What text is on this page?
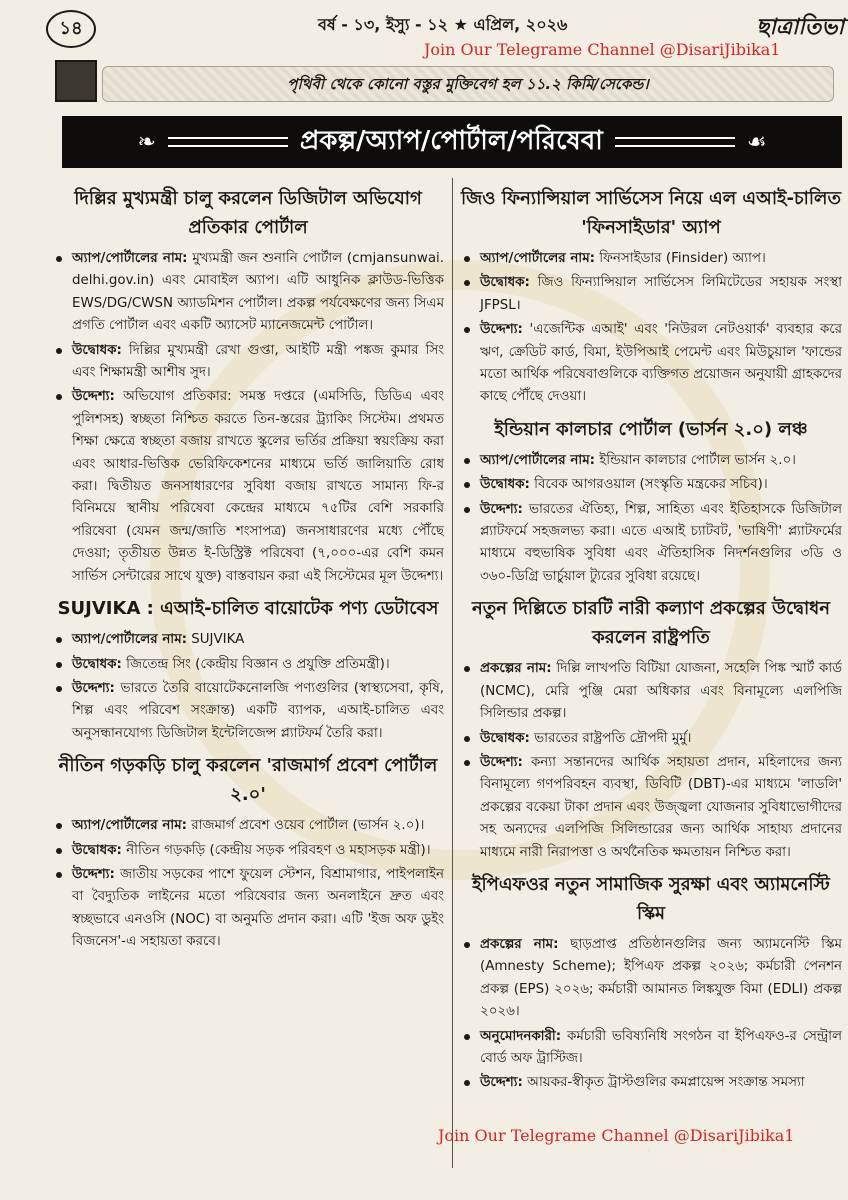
১৪	বর্ষ - ১৩, ইস্যু - ১২ ★ এপ্রিল, ২০২৬	ছাত্রাতিভা
Join Our Telegrame Channel @DisariJibika1
পৃথিবী থেকে কোনো বস্তুর মুক্তিবেগ হল ১১.২ কিমি/সেকেন্ড।
❧	প্রকল্প/অ্যাপ/পোর্টাল/পরিষেবা	☙
দিল্লির মুখ্যমন্ত্রী চালু করলেন ডিজিটাল অভিযোগ প্রতিকার পোর্টাল
অ্যাপ/পোর্টালের নাম: মুখ্যমন্ত্রী জন শুনানি পোর্টাল (cmjansunwai. delhi.gov.in) এবং মোবাইল অ্যাপ। এটি আধুনিক ক্লাউড-ভিত্তিক EWS/DG/CWSN অ্যাডমিশন পোর্টাল। প্রকল্প পর্যবেক্ষণের জন্য সিএম প্রগতি পোর্টাল এবং একটি অ্যাসেট ম্যানেজমেন্ট পোর্টাল।
উদ্বোধক: দিল্লির মুখ্যমন্ত্রী রেখা গুপ্তা, আইটি মন্ত্রী পঙ্কজ কুমার সিং এবং শিক্ষামন্ত্রী আশীষ সুদ।
উদ্দেশ্য: অভিযোগ প্রতিকার: সমস্ত দপ্তরে (এমসিডি, ডিডিএ এবং পুলিশসহ) স্বচ্ছতা নিশ্চিত করতে তিন-স্তরের ট্র্যাকিং সিস্টেম। প্রথমত শিক্ষা ক্ষেত্রে স্বচ্ছতা বজায় রাখতে স্কুলের ভর্তির প্রক্রিয়া স্বয়ংক্রিয় করা এবং আধার-ভিত্তিক ভেরিফিকেশনের মাধ্যমে ভর্তি জালিয়াতি রোধ করা। দ্বিতীয়ত জনসাধারণের সুবিধা বজায় রাখতে সামান্য ফি-র বিনিময়ে স্থানীয় পরিষেবা কেন্দ্রের মাধ্যমে ৭৫টির বেশি সরকারি পরিষেবা (যেমন জন্ম/জাতি শংসাপত্র) জনসাধারণের মধ্যে পৌঁছে দেওয়া; তৃতীয়ত উন্নত ই-ডিস্ট্রিক্ট পরিষেবা (৭,০০০-এর বেশি কমন সার্ভিস সেন্টারের সাথে যুক্ত) বাস্তবায়ন করা এই সিস্টেমের মূল উদ্দেশ্য।
SUJVIKA : এআই-চালিত বায়োটেক পণ্য ডেটাবেস
অ্যাপ/পোর্টালের নাম: SUJVIKA
উদ্বোধক: জিতেন্দ্র সিং (কেন্দ্রীয় বিজ্ঞান ও প্রযুক্তি প্রতিমন্ত্রী)।
উদ্দেশ্য: ভারতে তৈরি বায়োটেকনোলজি পণ্যগুলির (স্বাস্থ্যসেবা, কৃষি, শিল্প এবং পরিবেশ সংক্রান্ত) একটি ব্যাপক, এআই-চালিত এবং অনুসন্ধানযোগ্য ডিজিটাল ইন্টেলিজেন্স প্ল্যাটফর্ম তৈরি করা।
নীতিন গড়কড়ি চালু করলেন 'রাজমার্গ প্রবেশ পোর্টাল ২.০'
অ্যাপ/পোর্টালের নাম: রাজমার্গ প্রবেশ ওয়েব পোর্টাল (ভার্সন ২.০)।
উদ্বোধক: নীতিন গড়কড়ি (কেন্দ্রীয় সড়ক পরিবহণ ও মহাসড়ক মন্ত্রী)।
উদ্দেশ্য: জাতীয় সড়কের পাশে ফুয়েল স্টেশন, বিশ্রামাগার, পাইপলাইন বা বৈদ্যুতিক লাইনের মতো পরিষেবার জন্য অনলাইনে দ্রুত এবং স্বচ্ছভাবে এনওসি (NOC) বা অনুমতি প্রদান করা। এটি 'ইজ অফ ডুইং বিজনেস'-এ সহায়তা করবে।
জিও ফিন্যান্সিয়াল সার্ভিসেস নিয়ে এল এআই-চালিত 'ফিনসাইডার' অ্যাপ
অ্যাপ/পোর্টালের নাম: ফিনসাইডার (Finsider) অ্যাপ।
উদ্বোধক: জিও ফিন্যান্সিয়াল সার্ভিসেস লিমিটেডের সহায়ক সংস্থা JFPSL।
উদ্দেশ্য: 'এজেন্টিক এআই' এবং 'নিউরল নেটওয়ার্ক' ব্যবহার করে ঋণ, ক্রেডিট কার্ড, বিমা, ইউপিআই পেমেন্ট এবং মিউচুয়াল 'ফান্ডের মতো আর্থিক পরিষেবাগুলিকে ব্যক্তিগত প্রয়োজন অনুযায়ী গ্রাহকদের কাছে পৌঁছে দেওয়া।
ইন্ডিয়ান কালচার পোর্টাল (ভার্সন ২.০) লঞ্চ
অ্যাপ/পোর্টালের নাম: ইন্ডিয়ান কালচার পোর্টাল ভার্সন ২.০।
উদ্বোধক: বিবেক আগরওয়াল (সংস্কৃতি মন্ত্রকের সচিব)।
উদ্দেশ্য: ভারতের ঐতিহ্য, শিল্প, সাহিত্য এবং ইতিহাসকে ডিজিটাল প্ল্যাটফর্মে সহজলভ্য করা। এতে এআই চ্যাটবট, 'ভাষিণী' প্ল্যাটফর্মের মাধ্যমে বহুভাষিক সুবিধা এবং ঐতিহাসিক নিদর্শনগুলির ৩ডি ও ৩৬০-ডিগ্রি ভার্চুয়াল ট্যুরের সুবিধা রয়েছে।
নতুন দিল্লিতে চারটি নারী কল্যাণ প্রকল্পের উদ্বোধন করলেন রাষ্ট্রপতি
প্রকল্পের নাম: দিল্লি লাখপতি বিটিয়া যোজনা, সহেলি পিঙ্ক স্মার্ট কার্ড (NCMC), মেরি পুঞ্জি মেরা অধিকার এবং বিনামূল্যে এলপিজি সিলিন্ডার প্রকল্প।
উদ্বোধক: ভারতের রাষ্ট্রপতি দ্রৌপদী মুর্মু।
উদ্দেশ্য: কন্যা সন্তানদের আর্থিক সহায়তা প্রদান, মহিলাদের জন্য বিনামূল্যে গণপরিবহন ব্যবস্থা, ডিবিটি (DBT)-এর মাধ্যমে 'লাডলি' প্রকল্পের বকেয়া টাকা প্রদান এবং উজ্জ্বলা যোজনার সুবিধাভোগীদের সহ অন্যদের এলপিজি সিলিন্ডারের জন্য আর্থিক সাহায্য প্রদানের মাধ্যমে নারী নিরাপত্তা ও অর্থনৈতিক ক্ষমতায়ন নিশ্চিত করা।
ইপিএফওর নতুন সামাজিক সুরক্ষা এবং অ্যামনেস্টি স্কিম
প্রকল্পের নাম: ছাড়প্রাপ্ত প্রতিষ্ঠানগুলির জন্য অ্যামনেস্টি স্কিম (Amnesty Scheme); ইপিএফ প্রকল্প ২০২৬; কর্মচারী পেনশন প্রকল্প (EPS) ২০২৬; কর্মচারী আমানত লিঙ্কযুক্ত বিমা (EDLI) প্রকল্প ২০২৬।
অনুমোদনকারী: কর্মচারী ভবিষ্যনিধি সংগঠন বা ইপিএফও-র সেন্ট্রাল বোর্ড অফ ট্রাস্টিজ।
উদ্দেশ্য: আয়কর-স্বীকৃত ট্রাস্টগুলির কমপ্লায়েন্স সংক্রান্ত সমস্যা
Join Our Telegrame Channel @DisariJibika1
